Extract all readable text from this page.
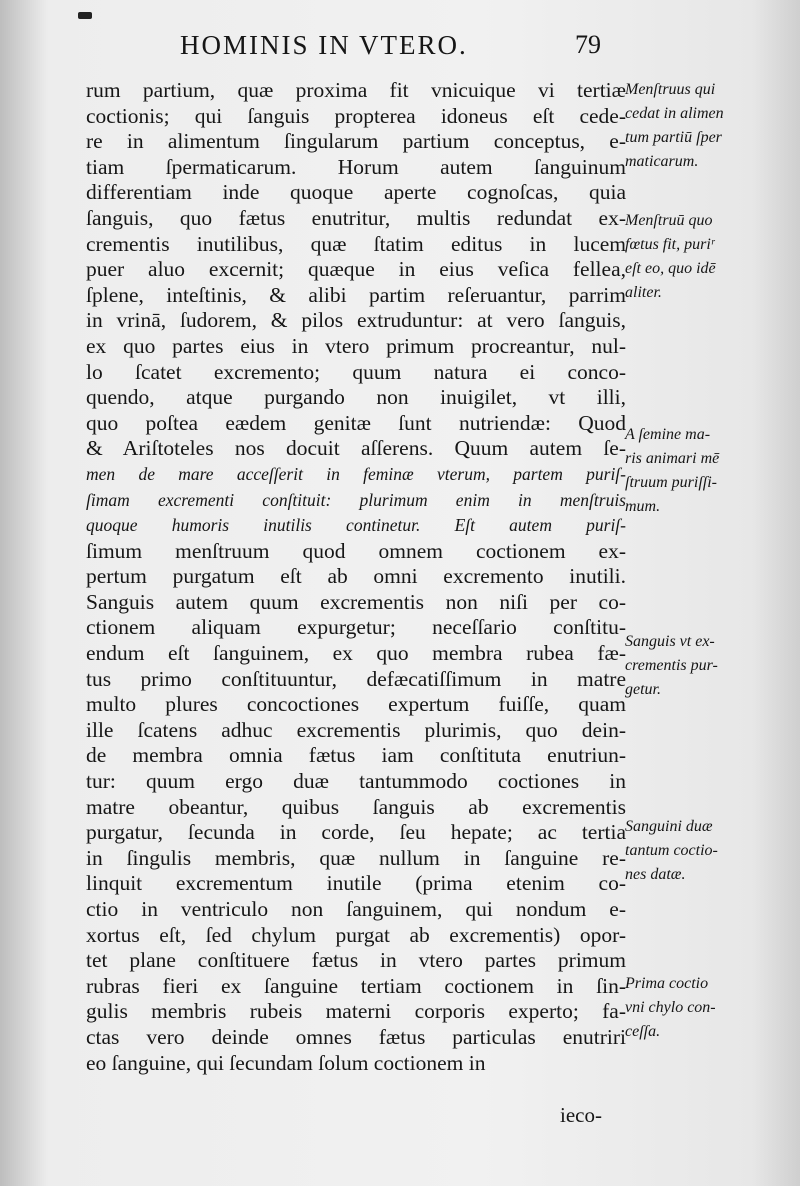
HOMINIS IN VTERO.	79
rum partium, quæ proxima fit vnicuique vi tertiæ
coctionis; qui ſanguis propterea idoneus eſt cede-
re in alimentum ſingularum partium conceptus, e-
tiam ſpermaticarum. Horum autem ſanguinum
differentiam inde quoque aperte cognoſcas, quia
ſanguis, quo fætus enutritur, multis redundat ex-
crementis inutilibus, quæ ſtatim editus in lucem
puer aluo excernit; quæque in eius veſica fellea,
ſplene, inteſtinis, & alibi partim reſeruantur, parrim
in vrinā, ſudorem, & pilos extruduntur: at vero ſanguis,
ex quo partes eius in vtero primum procreantur, nul-
lo ſcatet excremento; quum natura ei conco-
quendo, atque purgando non inuigilet, vt illi,
quo poſtea eædem genitæ ſunt nutriendæ: Quod
& Ariſtoteles nos docuit aſſerens. Quum autem ſe-
men de mare acceſſerit in feminæ vterum, partem puriſ-
ſimam excrementi conſtituit: plurimum enim in menſtruis
quoque humoris inutilis continetur. Eſt autem puriſ-
ſimum menſtruum quod omnem coctionem ex-
pertum purgatum eſt ab omni excremento inutili.
Sanguis autem quum excrementis non niſi per co-
ctionem aliquam expurgetur; neceſſario conſtitu-
endum eſt ſanguinem, ex quo membra rubea fæ-
tus primo conſtituuntur, defæcatiſſimum in matre
multo plures concoctiones expertum fuiſſe, quam
ille ſcatens adhuc excrementis plurimis, quo dein-
de membra omnia fætus iam conſtituta enutriun-
tur: quum ergo duæ tantummodo coctiones in
matre obeantur, quibus ſanguis ab excrementis
purgatur, ſecunda in corde, ſeu hepate; ac tertia
in ſingulis membris, quæ nullum in ſanguine re-
linquit excrementum inutile (prima etenim co-
ctio in ventriculo non ſanguinem, qui nondum e-
xortus eſt, ſed chylum purgat ab excrementis) opor-
tet plane conſtituere fætus in vtero partes primum
rubras fieri ex ſanguine tertiam coctionem in ſin-
gulis membris rubeis materni corporis experto; fa-
ctas vero deinde omnes fætus particulas enutriri
eo ſanguine, qui ſecundam ſolum coctionem in
ieco-
Menſtruus qui
cedat in alimen
tum partiū ſper
maticarum.
Menſtruū quo
fœtus fit, puriʳ
eſt eo, quo idē
aliter.
A ſemine ma-
ris animari mē
ſtruum puriſſi-
mum.
Sanguis vt ex-
crementis pur-
getur.
Sanguini duæ
tantum coctio-
nes datæ.
Prima coctio
vni chylo con-
ceſſa.
